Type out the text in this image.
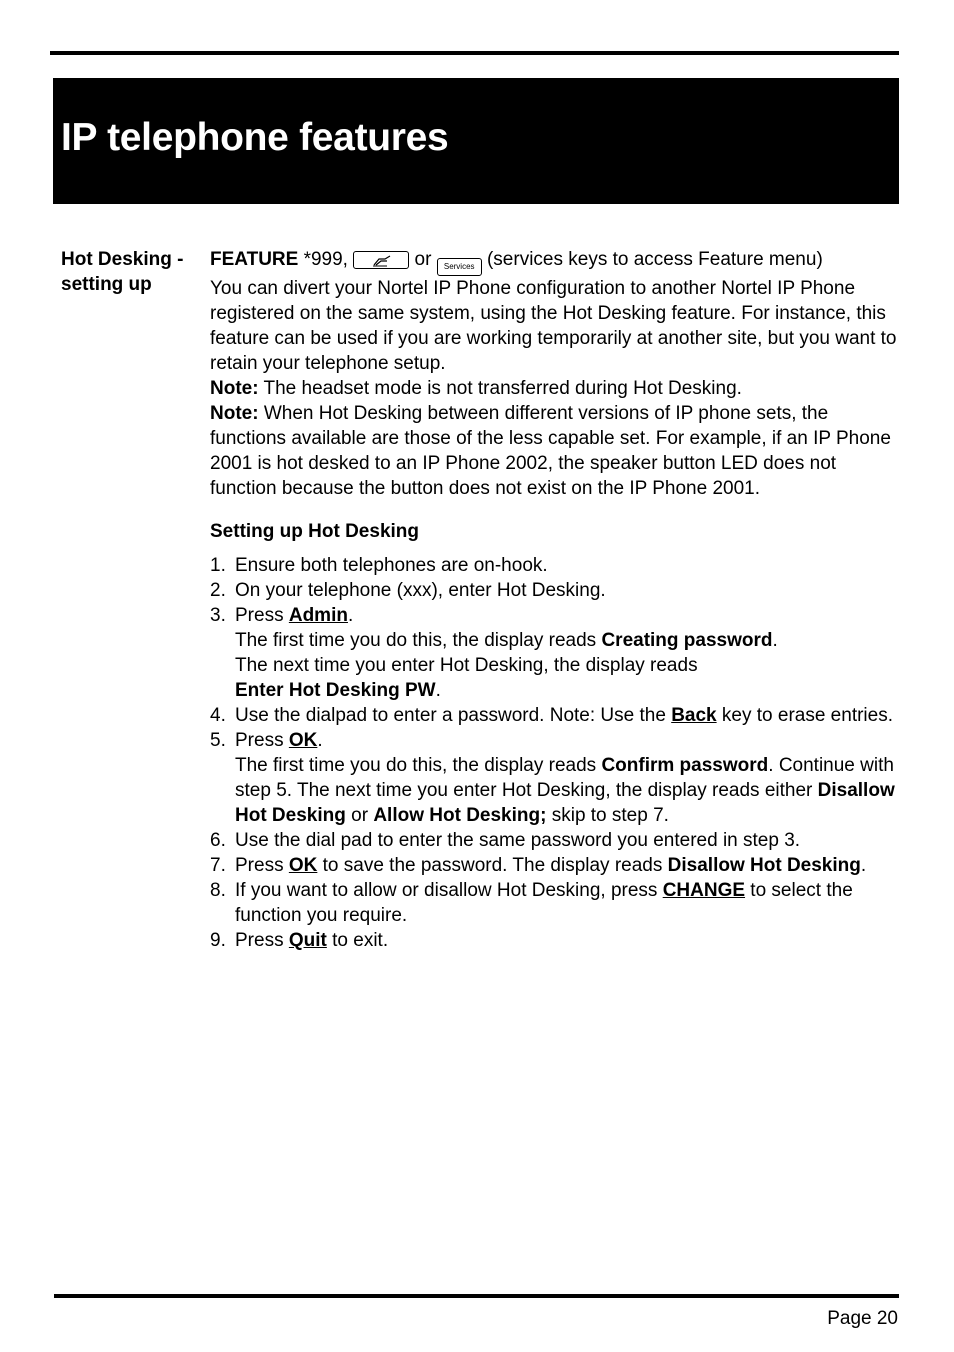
IP telephone features
Hot Desking - setting up

FEATURE *999,	or Services (services keys to access Feature menu)

You can divert your Nortel IP Phone configuration to another Nortel IP Phone registered on the same system, using the Hot Desking feature. For instance, this feature can be used if you are working temporarily at another site, but you want to retain your telephone setup.

Note: The headset mode is not transferred during Hot Desking.

Note: When Hot Desking between different versions of IP phone sets, the functions available are those of the less capable set. For example, if an IP Phone 2001 is hot desked to an IP Phone 2002, the speaker button LED does not function because the button does not exist on the IP Phone 2001.

Setting up Hot Desking

1. Ensure both telephones are on-hook.
2. On your telephone (xxx), enter Hot Desking.
3. Press Admin.
The first time you do this, the display reads Creating password.
The next time you enter Hot Desking, the display reads
Enter Hot Desking PW.
4. Use the dialpad to enter a password. Note: Use the Back key to erase entries.
5. Press OK.
The first time you do this, the display reads Confirm password. Continue with step 5. The next time you enter Hot Desking, the display reads either Disallow Hot Desking or Allow Hot Desking; skip to step 7.
6. Use the dial pad to enter the same password you entered in step 3.
7. Press OK to save the password. The display reads Disallow Hot Desking.
8. If you want to allow or disallow Hot Desking, press CHANGE to select the function you require.
9. Press Quit to exit.
Page 20
